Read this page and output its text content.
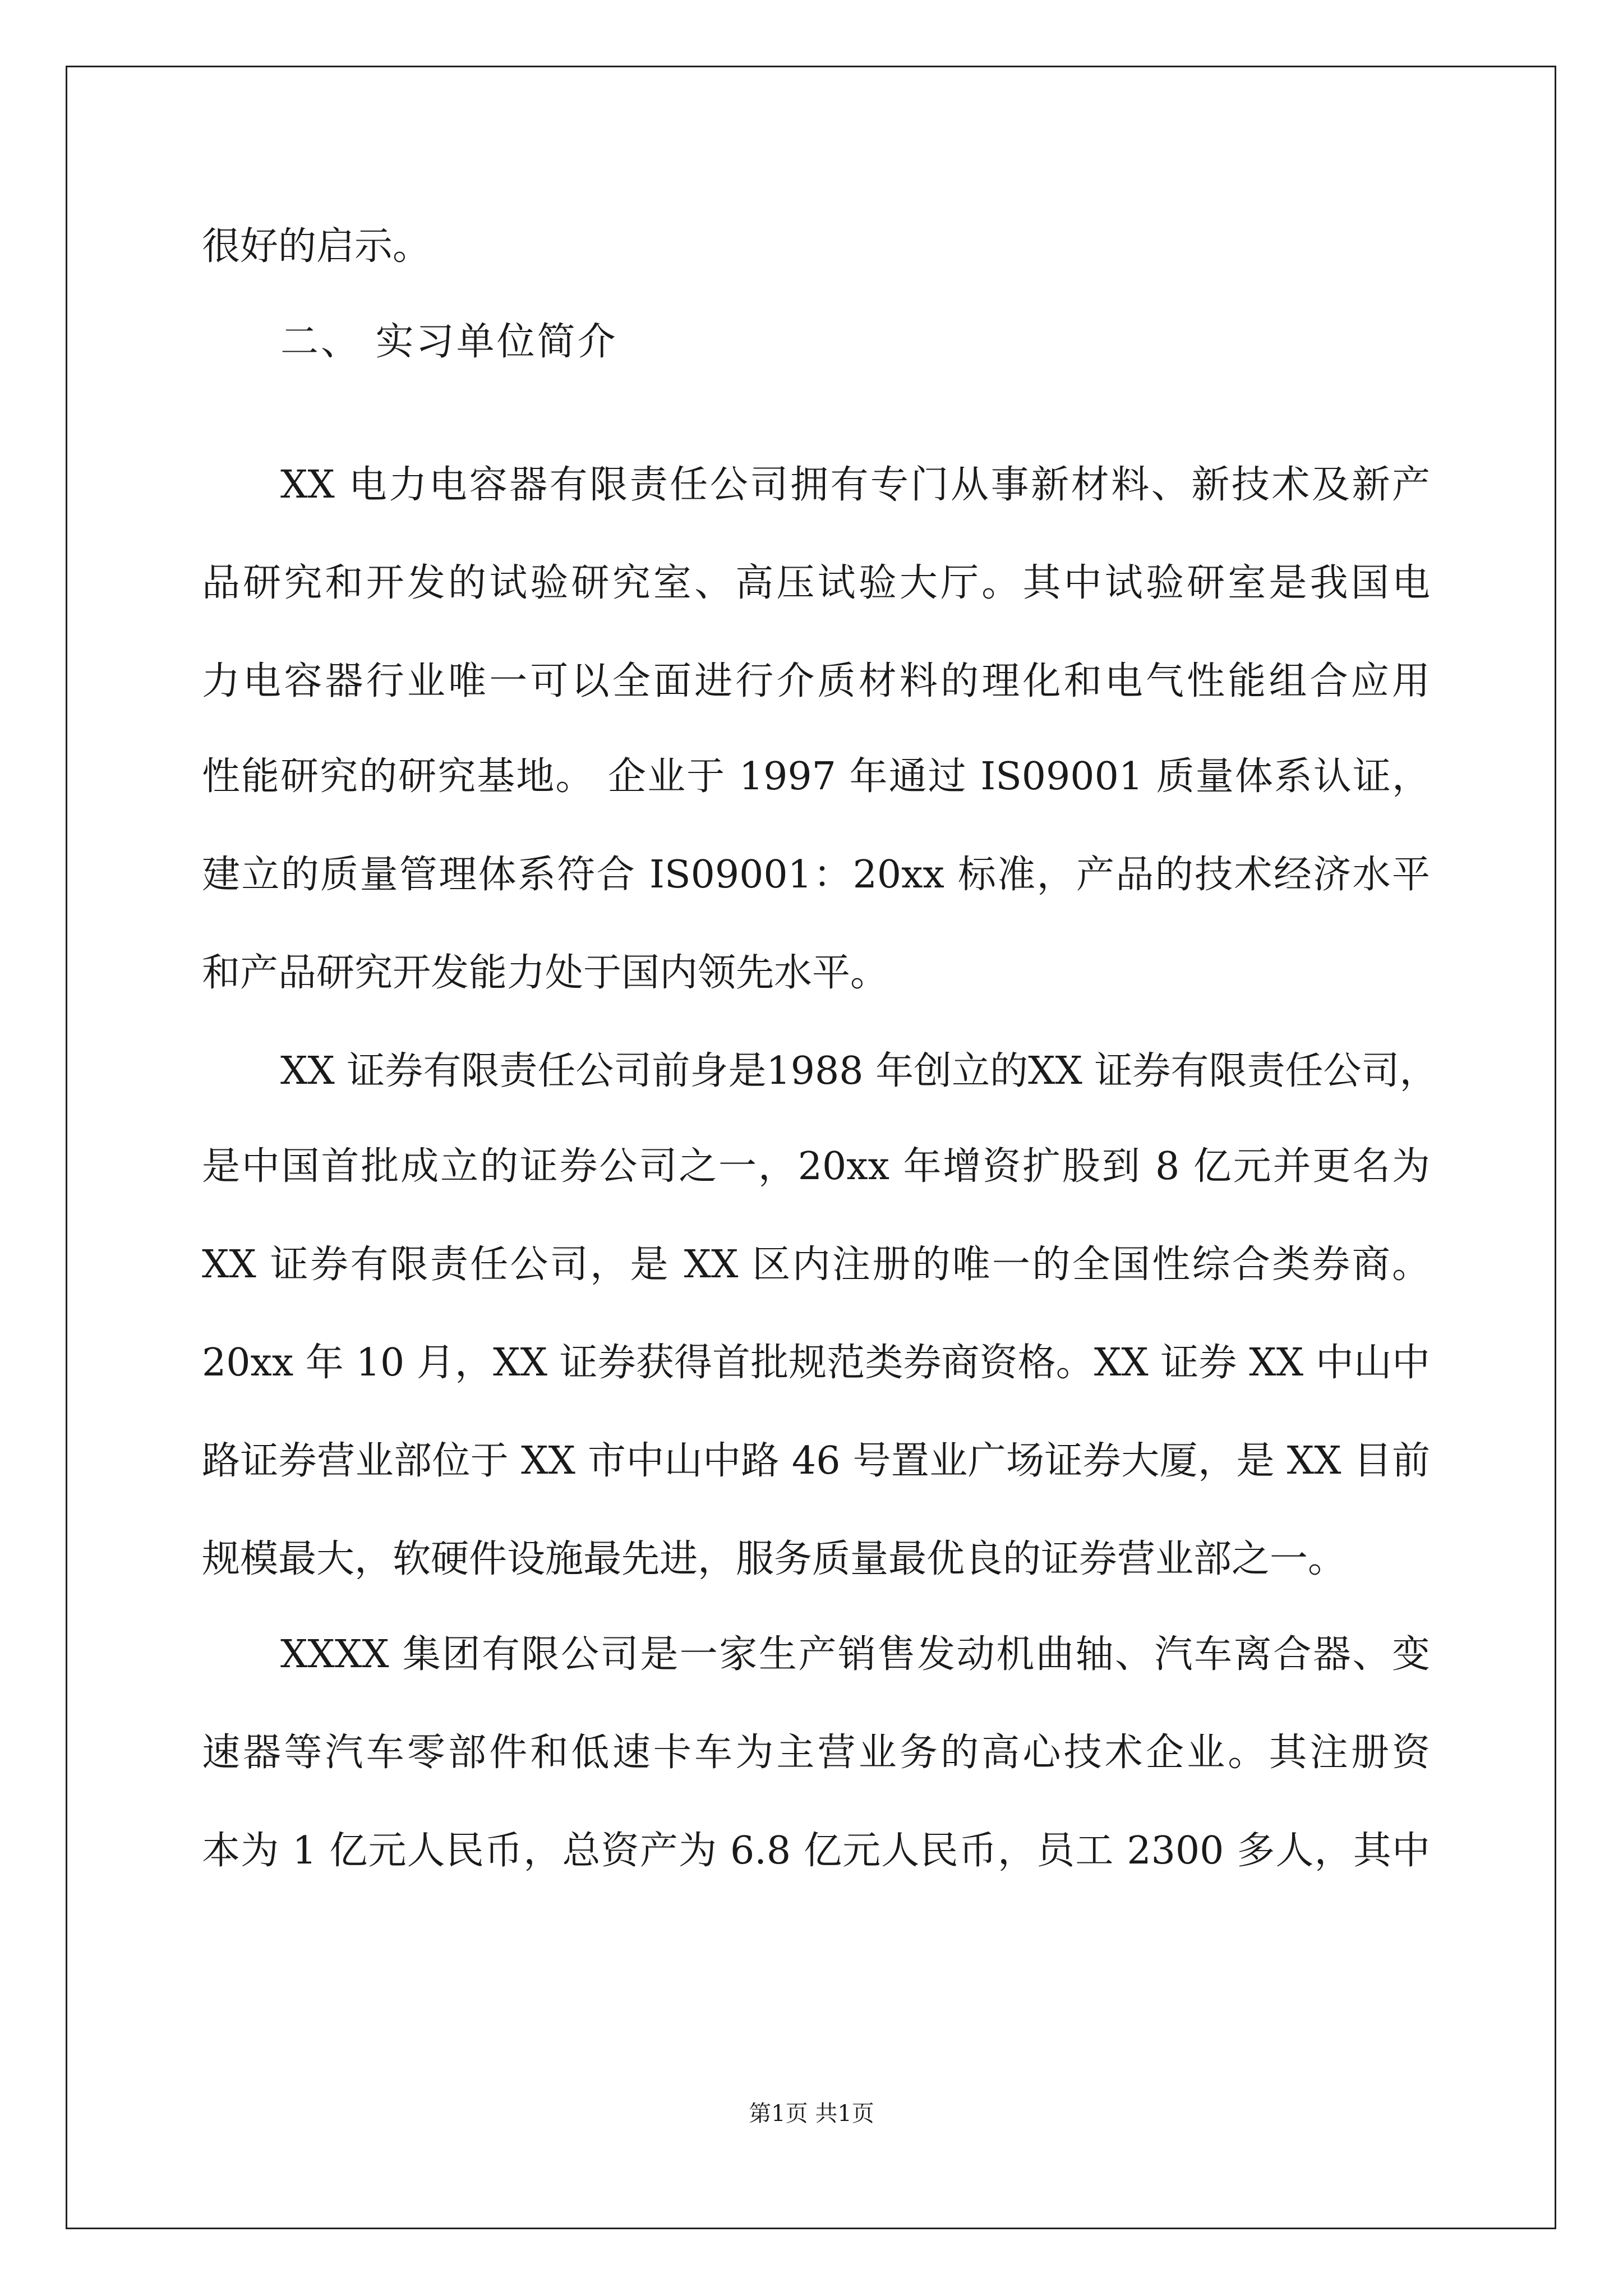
很好的启示。
二、 实习单位简介
XX 电力电容器有限责任公司拥有专门从事新材料、新技术及新产
品研究和开发的试验研究室、高压试验大厅。其中试验研室是我国电
力电容器行业唯一可以全面进行介质材料的理化和电气性能组合应用
性能研究的研究基地。 企业于 1997 年通过 IS09001 质量体系认证，
建立的质量管理体系符合 IS09001：20xx 标准，产品的技术经济水平
和产品研究开发能力处于国内领先水平。
XX 证券有限责任公司前身是1988 年创立的XX 证券有限责任公司，
是中国首批成立的证券公司之一，20xx 年增资扩股到 8 亿元并更名为
XX 证券有限责任公司，是 XX 区内注册的唯一的全国性综合类券商。
20xx 年 10 月，XX 证券获得首批规范类券商资格。XX 证券 XX 中山中
路证券营业部位于 XX 市中山中路 46 号置业广场证券大厦，是 XX 目前
规模最大，软硬件设施最先进，服务质量最优良的证券营业部之一。
XXXX 集团有限公司是一家生产销售发动机曲轴、汽车离合器、变
速器等汽车零部件和低速卡车为主营业务的高心技术企业。其注册资
本为 1 亿元人民币，总资产为 6.8 亿元人民币，员工 2300 多人，其中
第1页 共1页
